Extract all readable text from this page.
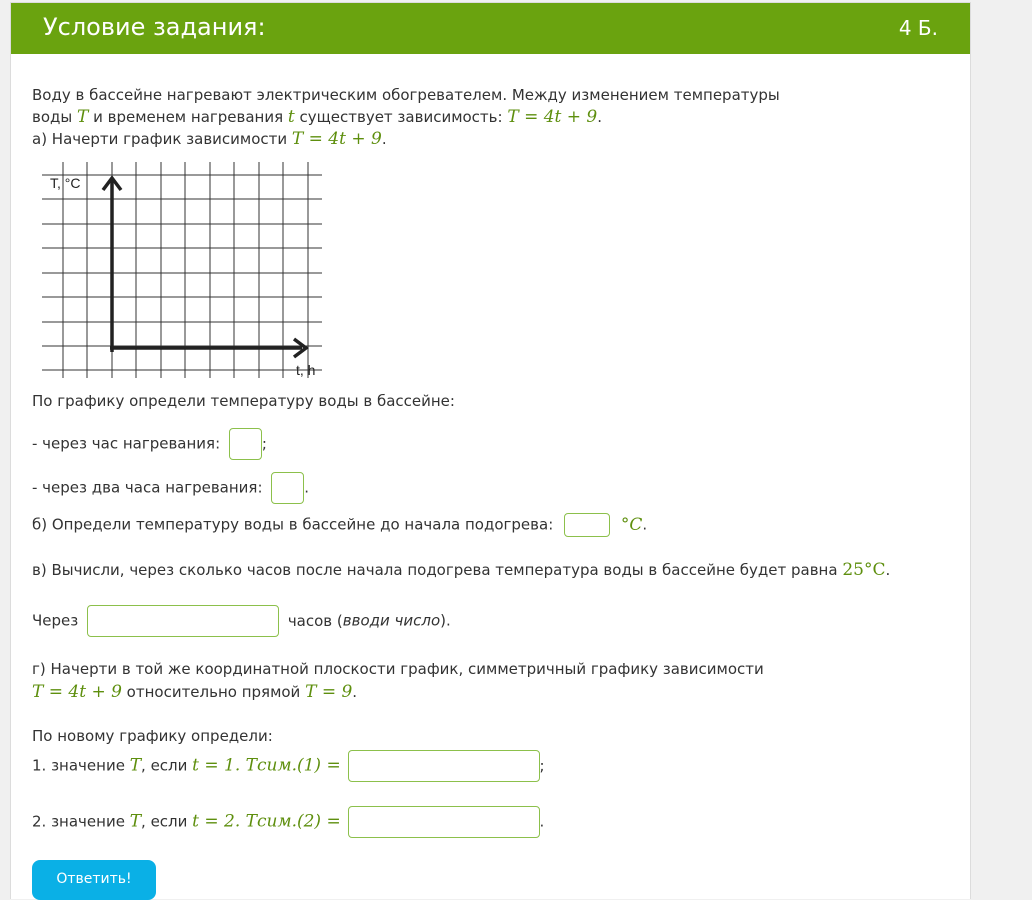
Условие задания:	4 Б.
Воду в бассейне нагревают электрическим обогревателем. Между изменением температуры
воды T и временем нагревания t существует зависимость: T = 4t + 9.
а) Начерти график зависимости T = 4t + 9.
T, °C
t, h
По графику определи температуру воды в бассейне:
- через час нагревания:	;
- через два часа нагревания:	.
б) Определи температуру воды в бассейне до начала подогрева:	°C.
в) Вычисли, через сколько часов после начала подогрева температура воды в бассейне будет равна 25°C.
Через	часов (вводи число).
г) Начерти в той же координатной плоскости график, симметричный графику зависимости
T = 4t + 9 относительно прямой T = 9.
По новому графику определи:
1. значение T, если t = 1. Tсим.(1) =	;
2. значение T, если t = 2. Tсим.(2) =	.
Ответить!
